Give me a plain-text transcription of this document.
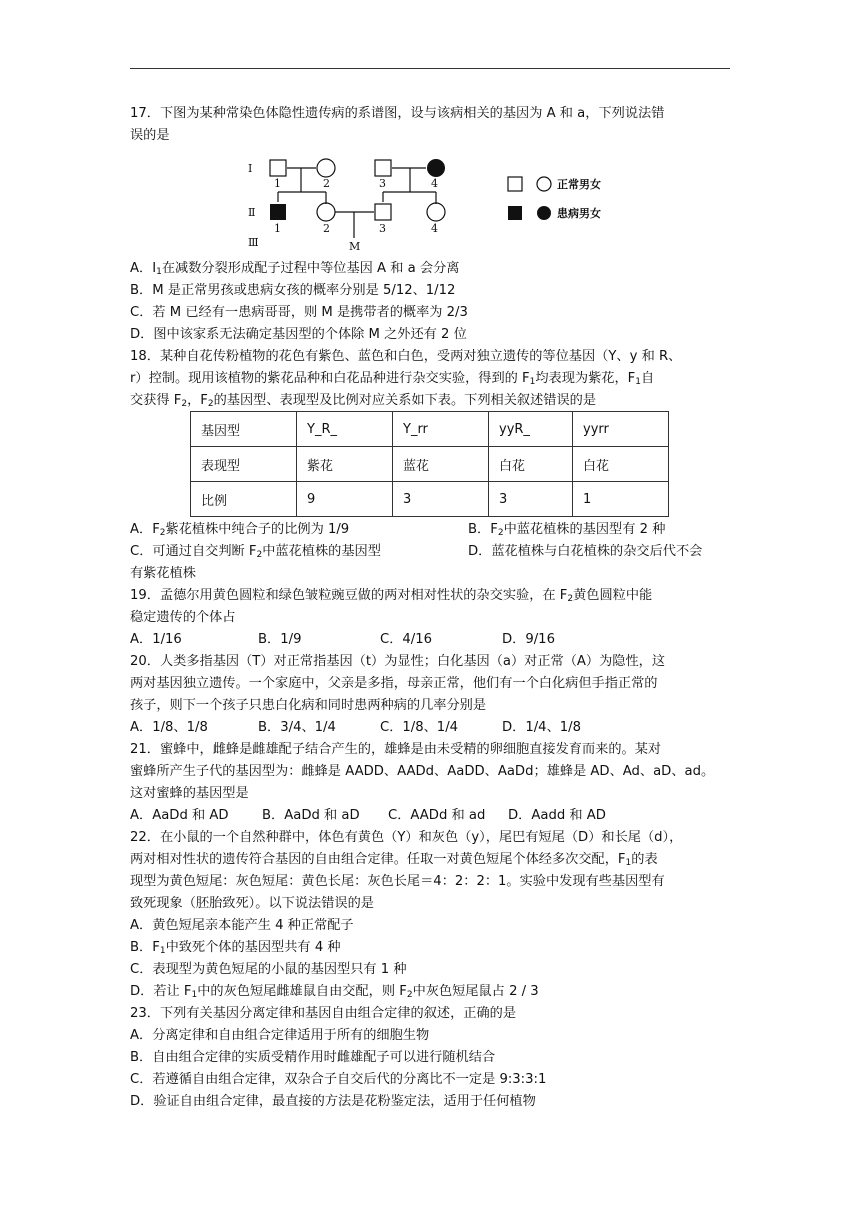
17．下图为某种常染色体隐性遗传病的系谱图，设与该病相关的基因为 A 和 a，下列说法错
误的是
Ⅰ
Ⅱ
Ⅲ
1	2	3	4
1	2	3	4
M
正常男女
患病男女
A．$I_1$在减数分裂形成配子过程中等位基因 A 和 a 会分离
B．M 是正常男孩或患病女孩的概率分别是 5/12、1/12
C．若 M 已经有一患病哥哥，则 M 是携带者的概率为 2/3
D．图中该家系无法确定基因型的个体除 M 之外还有 2 位
18．某种自花传粉植物的花色有紫色、蓝色和白色，受两对独立遗传的等位基因（Y、y 和 R、
r）控制。现用该植物的紫花品种和白花品种进行杂交实验，得到的 $F_1$均表现为紫花，$F_1$自
交获得 $F_2$，$F_2$的基因型、表现型及比例对应关系如下表。下列相关叙述错误的是
基因型	Y_R_	Y_rr	yyR_	yyrr
表现型	紫花	蓝花	白花	白花
比例	9	3	3	1
A．$F_2$紫花植株中纯合子的比例为 1/9	B．$F_2$中蓝花植株的基因型有 2 种
C．可通过自交判断 $F_2$中蓝花植株的基因型	D．蓝花植株与白花植株的杂交后代不会
有紫花植株
19．孟德尔用黄色圆粒和绿色皱粒豌豆做的两对相对性状的杂交实验，在 $F_2$黄色圆粒中能
稳定遗传的个体占
A．1/16	B．1/9	C．4/16	D．9/16
20．人类多指基因（T）对正常指基因（t）为显性；白化基因（a）对正常（A）为隐性，这
两对基因独立遗传。一个家庭中，父亲是多指，母亲正常，他们有一个白化病但手指正常的
孩子，则下一个孩子只患白化病和同时患两种病的几率分别是
A．1/8、1/8	B．3/4、1/4	C．1/8、1/4	D．1/4、1/8
21．蜜蜂中，雌蜂是雌雄配子结合产生的，雄蜂是由未受精的卵细胞直接发育而来的。某对
蜜蜂所产生子代的基因型为：雌蜂是 AADD、AADd、AaDD、AaDd；雄蜂是 AD、Ad、aD、ad。
这对蜜蜂的基因型是
A．AaDd 和 AD	B．AaDd 和 aD C．AADd 和 ad D．Aadd 和 AD
22．在小鼠的一个自然种群中，体色有黄色（Y）和灰色（y），尾巴有短尾（D）和长尾（d），
两对相对性状的遗传符合基因的自由组合定律。任取一对黄色短尾个体经多次交配，$F_1$的表
现型为黄色短尾：灰色短尾：黄色长尾：灰色长尾＝4：2：2：1。实验中发现有些基因型有
致死现象（胚胎致死）。以下说法错误的是
A．黄色短尾亲本能产生 4 种正常配子
B．$F_1$中致死个体的基因型共有 4 种
C．表现型为黄色短尾的小鼠的基因型只有 1 种
D．若让 $F_1$中的灰色短尾雌雄鼠自由交配，则 $F_2$中灰色短尾鼠占 2 / 3
23．下列有关基因分离定律和基因自由组合定律的叙述，正确的是
A．分离定律和自由组合定律适用于所有的细胞生物
B．自由组合定律的实质受精作用时雌雄配子可以进行随机结合
C．若遵循自由组合定律，双杂合子自交后代的分离比不一定是 9:3:3:1
D．验证自由组合定律，最直接的方法是花粉鉴定法，适用于任何植物
